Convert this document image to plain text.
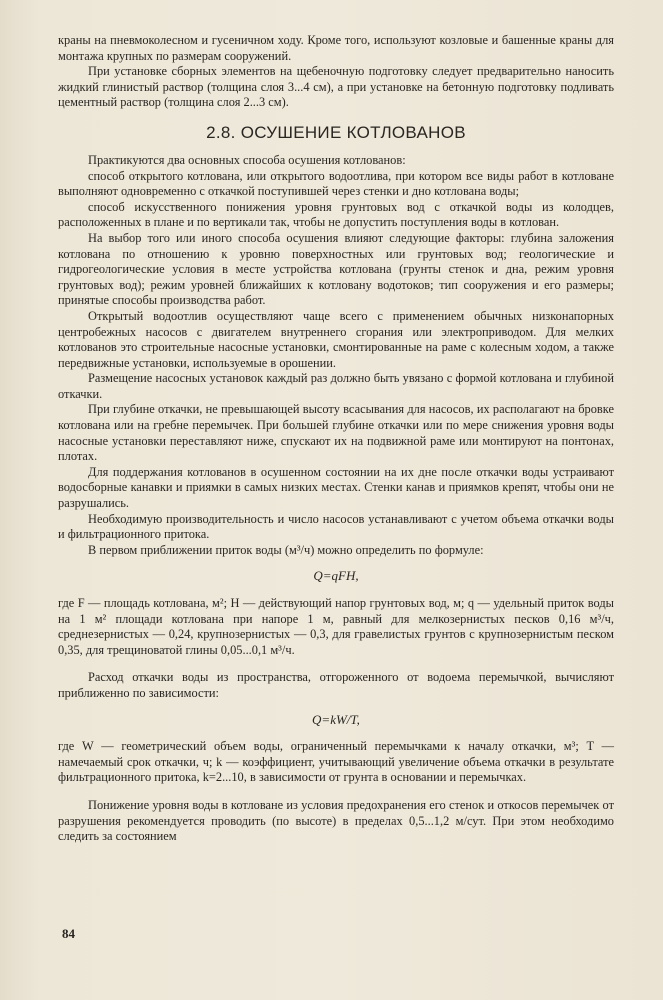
краны на пневмоколесном и гусеничном ходу. Кроме того, используют козловые и башенные краны для монтажа крупных по размерам сооружений.

При установке сборных элементов на щебеночную подготовку следует предварительно наносить жидкий глинистый раствор (толщина слоя 3...4 см), а при установке на бетонную подготовку подливать цементный раствор (толщина слоя 2...3 см).

2.8. ОСУШЕНИЕ КОТЛОВАНОВ

Практикуются два основных способа осушения котлованов:

способ открытого котлована, или открытого водоотлива, при котором все виды работ в котловане выполняют одновременно с откачкой поступившей через стенки и дно котлована воды;

способ искусственного понижения уровня грунтовых вод с откачкой воды из колодцев, расположенных в плане и по вертикали так, чтобы не допустить поступления воды в котлован.

На выбор того или иного способа осушения влияют следующие факторы: глубина заложения котлована по отношению к уровню поверхностных или грунтовых вод; геологические и гидрогеологические условия в месте устройства котлована (грунты стенок и дна, режим уровня грунтовых вод); режим уровней ближайших к котловану водотоков; тип сооружения и его размеры; принятые способы производства работ.

Открытый водоотлив осуществляют чаще всего с применением обычных низконапорных центробежных насосов с двигателем внутреннего сгорания или электроприводом. Для мелких котлованов это строительные насосные установки, смонтированные на раме с колесным ходом, а также передвижные установки, используемые в орошении.

Размещение насосных установок каждый раз должно быть увязано с формой котлована и глубиной откачки.

При глубине откачки, не превышающей высоту всасывания для насосов, их располагают на бровке котлована или на гребне перемычек. При большей глубине откачки или по мере снижения уровня воды насосные установки переставляют ниже, спускают их на подвижной раме или монтируют на понтонах, плотах.

Для поддержания котлованов в осушенном состоянии на их дне после откачки воды устраивают водосборные канавки и приямки в самых низких местах. Стенки канав и приямков крепят, чтобы они не разрушались.

Необходимую производительность и число насосов устанавливают с учетом объема откачки воды и фильтрационного притока.

В первом приближении приток воды (м³/ч) можно определить по формуле:

Q=qFH,

где F — площадь котлована, м²; H — действующий напор грунтовых вод, м; q — удельный приток воды на 1 м² площади котлована при напоре 1 м, равный для мелкозернистых песков 0,16 м³/ч, среднезернистых — 0,24, крупнозернистых — 0,3, для гравелистых грунтов с крупнозернистым песком 0,35, для трещиноватой глины 0,05...0,1 м³/ч.

Расход откачки воды из пространства, отгороженного от водоема перемычкой, вычисляют приближенно по зависимости:

Q=kW/T,

где W — геометрический объем воды, ограниченный перемычками к началу откачки, м³; T — намечаемый срок откачки, ч; k — коэффициент, учитывающий увеличение объема откачки в результате фильтрационного притока, k=2...10, в зависимости от грунта в основании и перемычках.

Понижение уровня воды в котловане из условия предохранения его стенок и откосов перемычек от разрушения рекомендуется проводить (по высоте) в пределах 0,5...1,2 м/сут. При этом необходимо следить за состоянием

84
